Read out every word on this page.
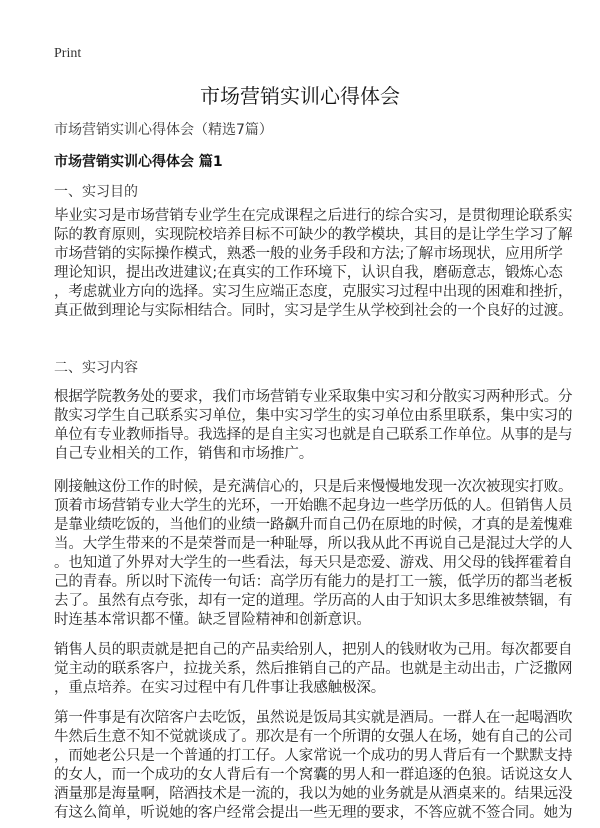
Print
市场营销实训心得体会
市场营销实训心得体会（精选7篇）
市场营销实训心得体会 篇1
一、实习目的
毕业实习是市场营销专业学生在完成课程之后进行的综合实习，是贯彻理论联系实
际的教育原则，实现院校培养目标不可缺少的教学模块，其目的是让学生学习了解
市场营销的实际操作模式，熟悉一般的业务手段和方法;了解市场现状，应用所学
理论知识，提出改进建议;在真实的工作环境下，认识自我，磨砺意志，锻炼心态
，考虑就业方向的选择。实习生应端正态度，克服实习过程中出现的困难和挫折，
真正做到理论与实际相结合。同时，实习是学生从学校到社会的一个良好的过渡。
二、实习内容
根据学院教务处的要求，我们市场营销专业采取集中实习和分散实习两种形式。分
散实习学生自己联系实习单位，集中实习学生的实习单位由系里联系，集中实习的
单位有专业教师指导。我选择的是自主实习也就是自己联系工作单位。从事的是与
自己专业相关的工作，销售和市场推广。
刚接触这份工作的时候，是充满信心的，只是后来慢慢地发现一次次被现实打败。
顶着市场营销专业大学生的光环，一开始瞧不起身边一些学历低的人。但销售人员
是靠业绩吃饭的，当他们的业绩一路飙升而自己仍在原地的时候，才真的是羞愧难
当。大学生带来的不是荣誉而是一种耻辱，所以我从此不再说自己是混过大学的人
。也知道了外界对大学生的一些看法，每天只是恋爱、游戏、用父母的钱挥霍着自
己的青春。所以时下流传一句话：高学历有能力的是打工一簇，低学历的都当老板
去了。虽然有点夸张，却有一定的道理。学历高的人由于知识太多思维被禁锢，有
时连基本常识都不懂。缺乏冒险精神和创新意识。
销售人员的职责就是把自己的产品卖给别人，把别人的钱财收为己用。每次都要自
觉主动的联系客户，拉拢关系，然后推销自己的产品。也就是主动出击，广泛撒网
，重点培养。在实习过程中有几件事让我感触极深。
第一件事是有次陪客户去吃饭，虽然说是饭局其实就是酒局。一群人在一起喝酒吹
牛然后生意不知不觉就谈成了。那次是有一个所谓的女强人在场，她有自己的公司
，而她老公只是一个普通的打工仔。人家常说一个成功的男人背后有一个默默支持
的女人，而一个成功的女人背后有一个窝囊的男人和一群追逐的色狼。话说这女人
酒量那是海量啊，陪酒技术是一流的，我以为她的业务就是从酒桌来的。结果远没
有这么简单，听说她的客户经常会提出一些无理的要求，不答应就不签合同。她为
